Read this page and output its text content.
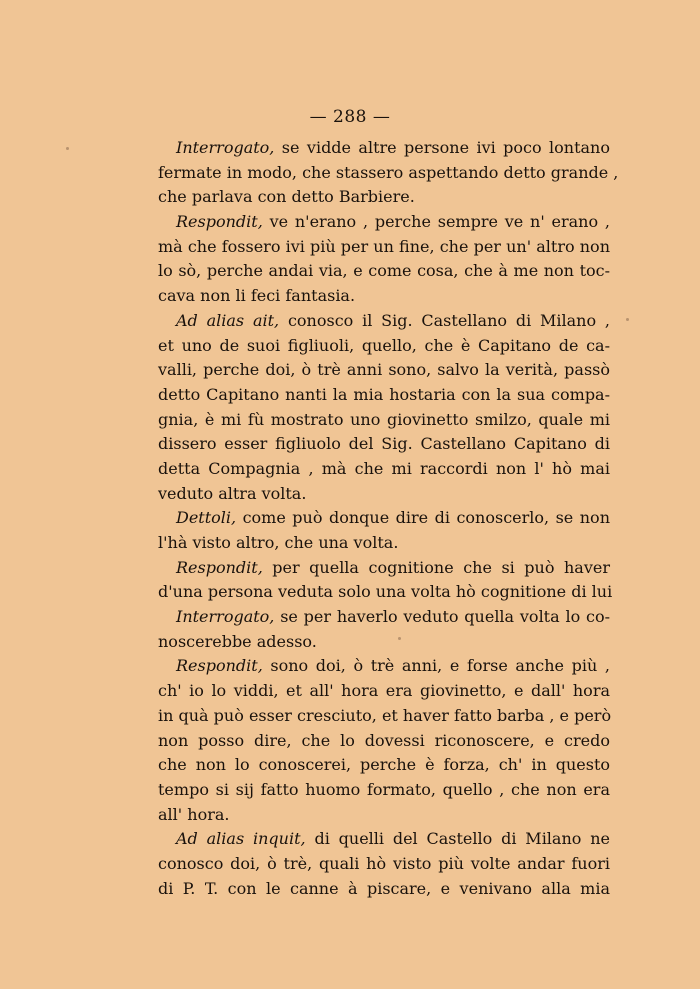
— 288 —
Interrogato, se vidde altre persone ivi poco lontano
fermate in modo, che stassero aspettando detto grande ,
che parlava con detto Barbiere.
Respondit, ve n'erano , perche sempre ve n' erano ,
mà che fossero ivi più per un fine, che per un' altro non
lo sò, perche andai via, e come cosa, che à me non toc-
cava non li feci fantasia.
Ad alias ait, conosco il Sig. Castellano di Milano ,
et uno de suoi figliuoli, quello, che è Capitano de ca-
valli, perche doi, ò trè anni sono, salvo la verità, passò
detto Capitano nanti la mia hostaria con la sua compa-
gnia, è mi fù mostrato uno giovinetto smilzo, quale mi
dissero esser figliuolo del Sig. Castellano Capitano di
detta Compagnia , mà che mi raccordi non l' hò mai
veduto altra volta.
Dettoli, come può donque dire di conoscerlo, se non
l'hà visto altro, che una volta.
Respondit, per quella cognitione che si può haver
d'una persona veduta solo una volta hò cognitione di lui
Interrogato, se per haverlo veduto quella volta lo co-
noscerebbe adesso.
Respondit, sono doi, ò trè anni, e forse anche più ,
ch' io lo viddi, et all' hora era giovinetto, e dall' hora
in quà può esser cresciuto, et haver fatto barba , e però
non posso dire, che lo dovessi riconoscere, e credo
che non lo conoscerei, perche è forza, ch' in questo
tempo si sij fatto huomo formato, quello , che non era
all' hora.
Ad alias inquit, di quelli del Castello di Milano ne
conosco doi, ò trè, quali hò visto più volte andar fuori
di P. T. con le canne à piscare, e venivano alla mia
